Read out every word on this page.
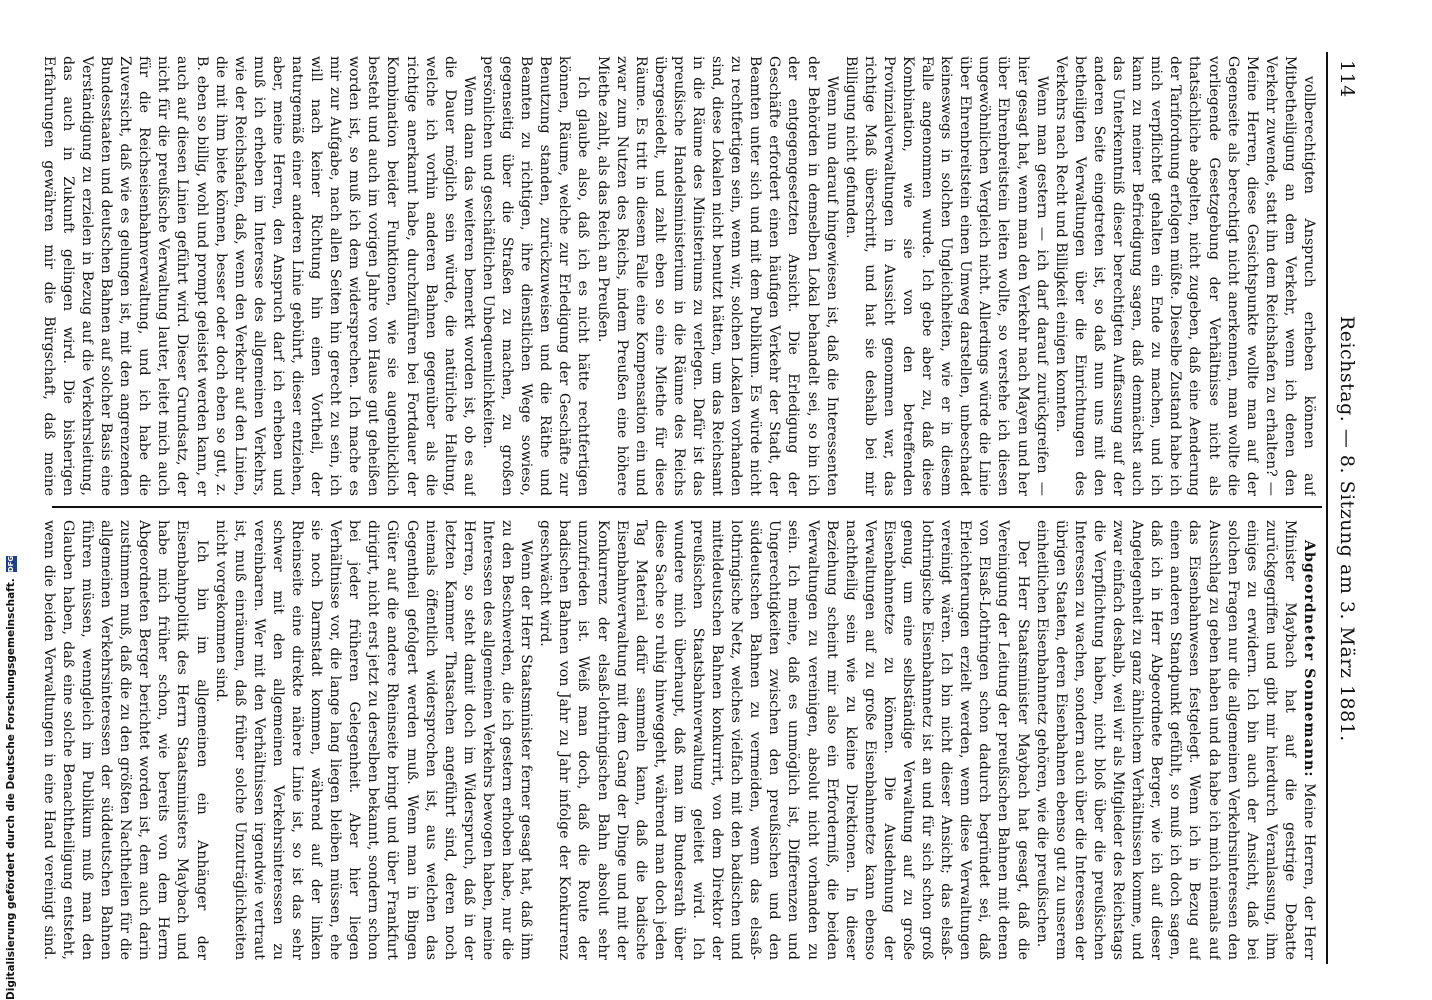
Digitalisierung gefördert durch die Deutsche Forschungsgemeinschaft.
DFG
114
Reichstag. — 8. Sitzung am 3. März 1881.

vollberechtigten Anspruch erheben können auf Mitbetheiligung an dem Verkehr, wenn ich denen den Verkehr zuwende, statt ihn dem Reichshafen zu erhalten? — Meine Herren, diese Gesichtspunkte wollte man auf der Gegenseite als berechtigt nicht anerkennen, man wollte die vorliegende Gesetzgebung der Verhältnisse nicht als thatsächliche abgelten, nicht zugeben, daß eine Aenderung der Tarifordnung erfolgen müßte. Dieselbe Zustand habe ich mich verpflichtet gehalten ein Ende zu machen, und ich kann zu meiner Befriedigung sagen, daß demnächst auch das Unterkenntniß dieser berechtigten Auffassung auf der anderen Seite eingetreten ist, so daß nun uns mit den betheiligten Verwaltungen über die Einrichtungen des Verkehrs nach Recht und Billigkeit einigen konnten.

Wenn man gestern — ich darf darauf zurückgreifen — hier gesagt hat, wenn man den Verkehr nach Mayen und her über Ehrenbreitstein leiten wollte, so verstehe ich diesen ungewöhnlichen Vergleich nicht. Allerdings würde die Linie über Ehrenbreitstein einen Umweg darstellen, unbeschadet keineswegs in solchen Ungleichheiten, wie er in diesem Falle angenommen wurde. Ich gebe aber zu, daß diese Kombination, wie sie von den betreffenden Provinzialverwaltungen in Aussicht genommen war, das richtige Maß überschritt, und hat sie deshalb bei mir Billigung nicht gefunden.

Wenn nun darauf hingewiesen ist, daß die Interessenten der Behörden in demselben Lokal behandelt sei, so bin ich der entgegengesetzten Ansicht. Die Erledigung der Geschäfte erfordert einen häufigen Verkehr der Stadt, der Beamten unter sich und mit dem Publikum. Es würde nicht zu rechtfertigen sein, wenn wir, solchen Lokalen vorhanden sind, diese Lokalen nicht benutzt hätten, um das Reichsamt in die Räume des Ministeriums zu verlegen. Dafür ist das preußische Handelsministerium in die Räume des Reichs übergesiedelt, und zahlt eben so eine Miethe für diese Räume. Es tritt in diesem Falle eine Kompensation ein und zwar zum Nutzen des Reichs, indem Preußen eine höhere Miethe zahlt, als das Reich an Preußen.

Ich glaube also, daß ich es nicht hätte rechtfertigen können, Räume, welche zur Erledigung der Geschäfte zur Benutzung standen, zurückzuweisen und die Räthe und Beamten zu richtigen, ihre dienstlichen Wege sowieso, gegenseitig über die Straßen zu machen, zu großen persönlichen und geschäftlichen Unbequemlichkeiten.

Wenn dann das weiteren bemerkt worden ist, ob es auf die Dauer möglich sein würde, die natürliche Haltung, welche ich vorhin anderen Bahnen gegenüber als die richtige anerkannt habe, durchzuführen bei Fortdauer der Kombination beider Funktionen, wie sie augenblicklich besteht und auch im vorigen Jahre von Hause gut geheißen worden ist, so muß ich dem widersprechen. Ich mache es mir zur Aufgabe, nach allen Seiten hin gerecht zu sein, ich will nach keiner Richtung hin einen Vortheil, der naturgemäß einer anderen Linie gebührt, dieser entziehen, aber, meine Herren, den Anspruch darf ich erheben und muß ich erheben im Interesse des allgemeinen Verkehrs, wie der Reichshafen, daß, wenn den Verkehr auf den Linien, die mit ihm biete können, besser oder doch eben so gut, z. B. eben so billig, wohl und prompt geleistet werden kann, er auch auf diesen Linien geführt wird. Dieser Grundsatz, der nicht für die preußische Verwaltung lauter, leitet mich auch für die Reichseisenbahnverwaltung, und ich habe die Zuversicht, daß wie es gelungen ist, mit den angrenzenden Bundesstaaten und deutschen Bahnen auf solcher Basis eine Verständigung zu erzielen in Bezug auf die Verkehrsleitung, das auch in Zukunft gelingen wird. Die bisherigen Erfahrungen gewähren mir die Bürgschaft, daß meine

Abgeordneter Sonnemann: Meine Herren, der Herr Minister Maybach hat auf die gestrige Debatte zurückgegriffen und gibt mir hierdurch Veranlassung, ihm einiges zu erwidern. Ich bin auch der Ansicht, daß bei solchen Fragen nur die allgemeinen Verkehrsinteressen den Ausschlag zu geben haben und da habe ich mich niemals auf das Eisenbahnwesen festgelegt. Wenn ich in Bezug auf einen anderen Standpunkt gefühlt, so muß ich doch sagen, daß ich in Herr Abgeordnete Berger, wie ich auf dieser Angelegenheit zu ganz ähnlichem Verhältnissen komme, und zwar einfach deshalb, weil wir als Mitglieder des Reichstags die Verpflichtung haben, nicht bloß über die preußischen Interessen zu wachen, sondern auch über die Interessen der übrigen Staaten, deren Eisenbahnen ebenso gut zu unserem einheitlichen Eisenbahnnetz gehören, wie die preußischen.

Der Herr Staatsminister Maybach hat gesagt, daß die Vereinigung der Leitung der preußischen Bahnen mit denen von Elsaß-Lothringen schon dadurch begründet sei, daß Erleichterungen erzielt werden, wenn diese Verwaltungen vereinigt wären. Ich bin nicht dieser Ansicht; das elsaß-lothringische Eisenbahnnetz ist an und für sich schon groß genug, um eine selbständige Verwaltung auf zu große Eisenbahnnetze zu können. Die Ausdehnung der Verwaltungen auf zu große Eisenbahnnetze kann ebenso nachtheilig sein wie zu kleine Direktionen. In dieser Beziehung scheint mir also ein Erforderniß, die beiden Verwaltungen zu vereinigen, absolut nicht vorhanden zu sein. Ich meine, daß es unmöglich ist, Differenzen und Ungerechtigkeiten zwischen den preußischen und den süddeutschen Bahnen zu vermeiden, wenn das elsaß-lothringische Netz, welches vielfach mit den badischen und mitteldeutschen Bahnen konkurrirt, von dem Direktor der preußischen Staatsbahnverwaltung geleitet wird. Ich wundere mich überhaupt, daß man im Bundesrath über diese Sache so ruhig hinweggeht, während man doch jeden Tag Material dafür sammeln kann, daß die badische Eisenbahnverwaltung mit dem Gang der Dinge und mit der Konkurrenz der elsaß-lothringischen Bahn absolut sehr unzufrieden ist. Weiß man doch, daß die Route der badischen Bahnen von Jahr zu Jahr infolge der Konkurrenz geschwächt wird.

Wenn der Herr Staatsminister ferner gesagt hat, daß ihm zu den Beschwerden, die ich gestern erhoben habe, nur die Interessen des allgemeinen Verkehrs bewogen haben, meine Herren, so steht damit doch im Widerspruch, daß in der letzten Kammer Thatsachen angeführt sind, deren noch niemals öffentlich widersprochen ist, aus welchen das Gegentheil gefolgert werden muß. Wenn man in Bingen Güter auf die andere Rheinseite bringt und über Frankfurt dirigirt, nicht erst jetzt zu derselben bekannt, sondern schon bei jeder früheren Gelegenheit. Aber hier liegen Verhältnisse vor, die lange lang liegen bleiben müssen, ehe sie noch Darmstadt kommen, während auf der linken Rheinseite eine direkte nähere Linie ist, so ist das sehr schwer mit den allgemeinen Verkehrsinteressen zu vereinbaren. Wer mit den Verhältnissen irgendwie vertraut ist, muß einräumen, daß früher solche Unzuträglichkeiten nicht vorgekommen sind.

Ich bin im allgemeinen ein Anhänger der Eisenbahnpolitik des Herrn Staatsministers Maybach und habe mich früher schon, wie bereits von dem Herrn Abgeordneten Berger berichtet worden ist, dem auch darin zustimmen muß, daß die zu den größten Nachtheilen für die allgemeinen Verkehrsinteressen der süddeutschen Bahnen führen müssen, wenngleich im Publikum muß man den Glauben haben, daß eine solche Benachtheiligung entsteht, wenn die beiden Verwaltungen in eine Hand vereinigt sind.
